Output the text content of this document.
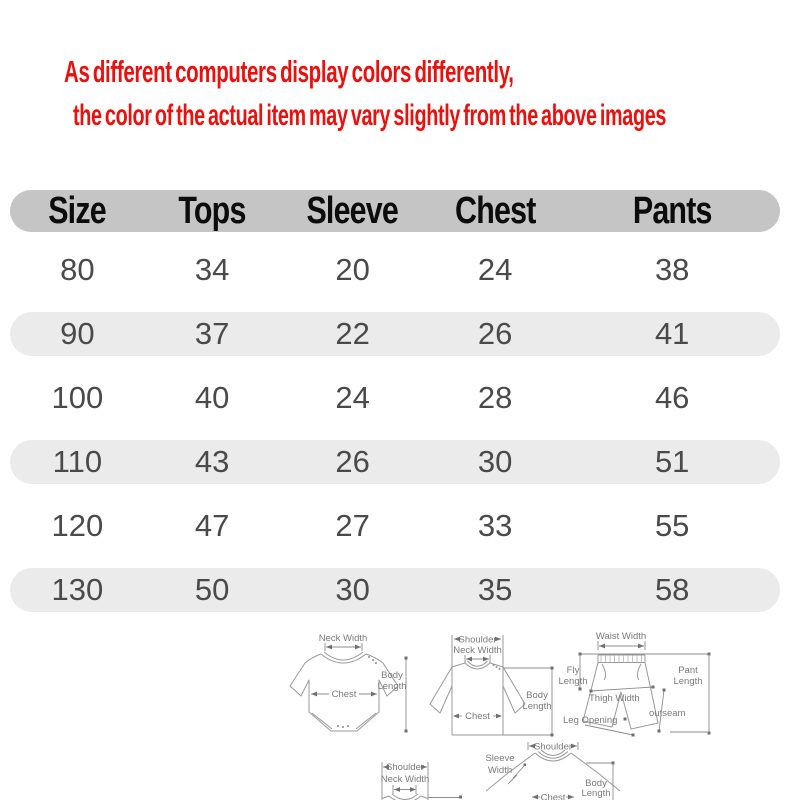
As different computers display colors differently,
the color of the actual item may vary slightly from the above images
Size	Tops	Sleeve	Chest	Pants
80	34	20	24	38
90	37	22	26	41
100	40	24	28	46
110	43	26	30	51
120	47	27	33	55
130	50	30	35	58
Neck Width
Chest
Body
Length
Shoulder
Neck Width
Chest
Body
Length
Waist Width
Fly
Length
Thigh Width
Leg Opening
outseam
Pant
Length
Shoulder
Neck Width
Shoulder
Sleeve
Width
Body
Length
Chest
